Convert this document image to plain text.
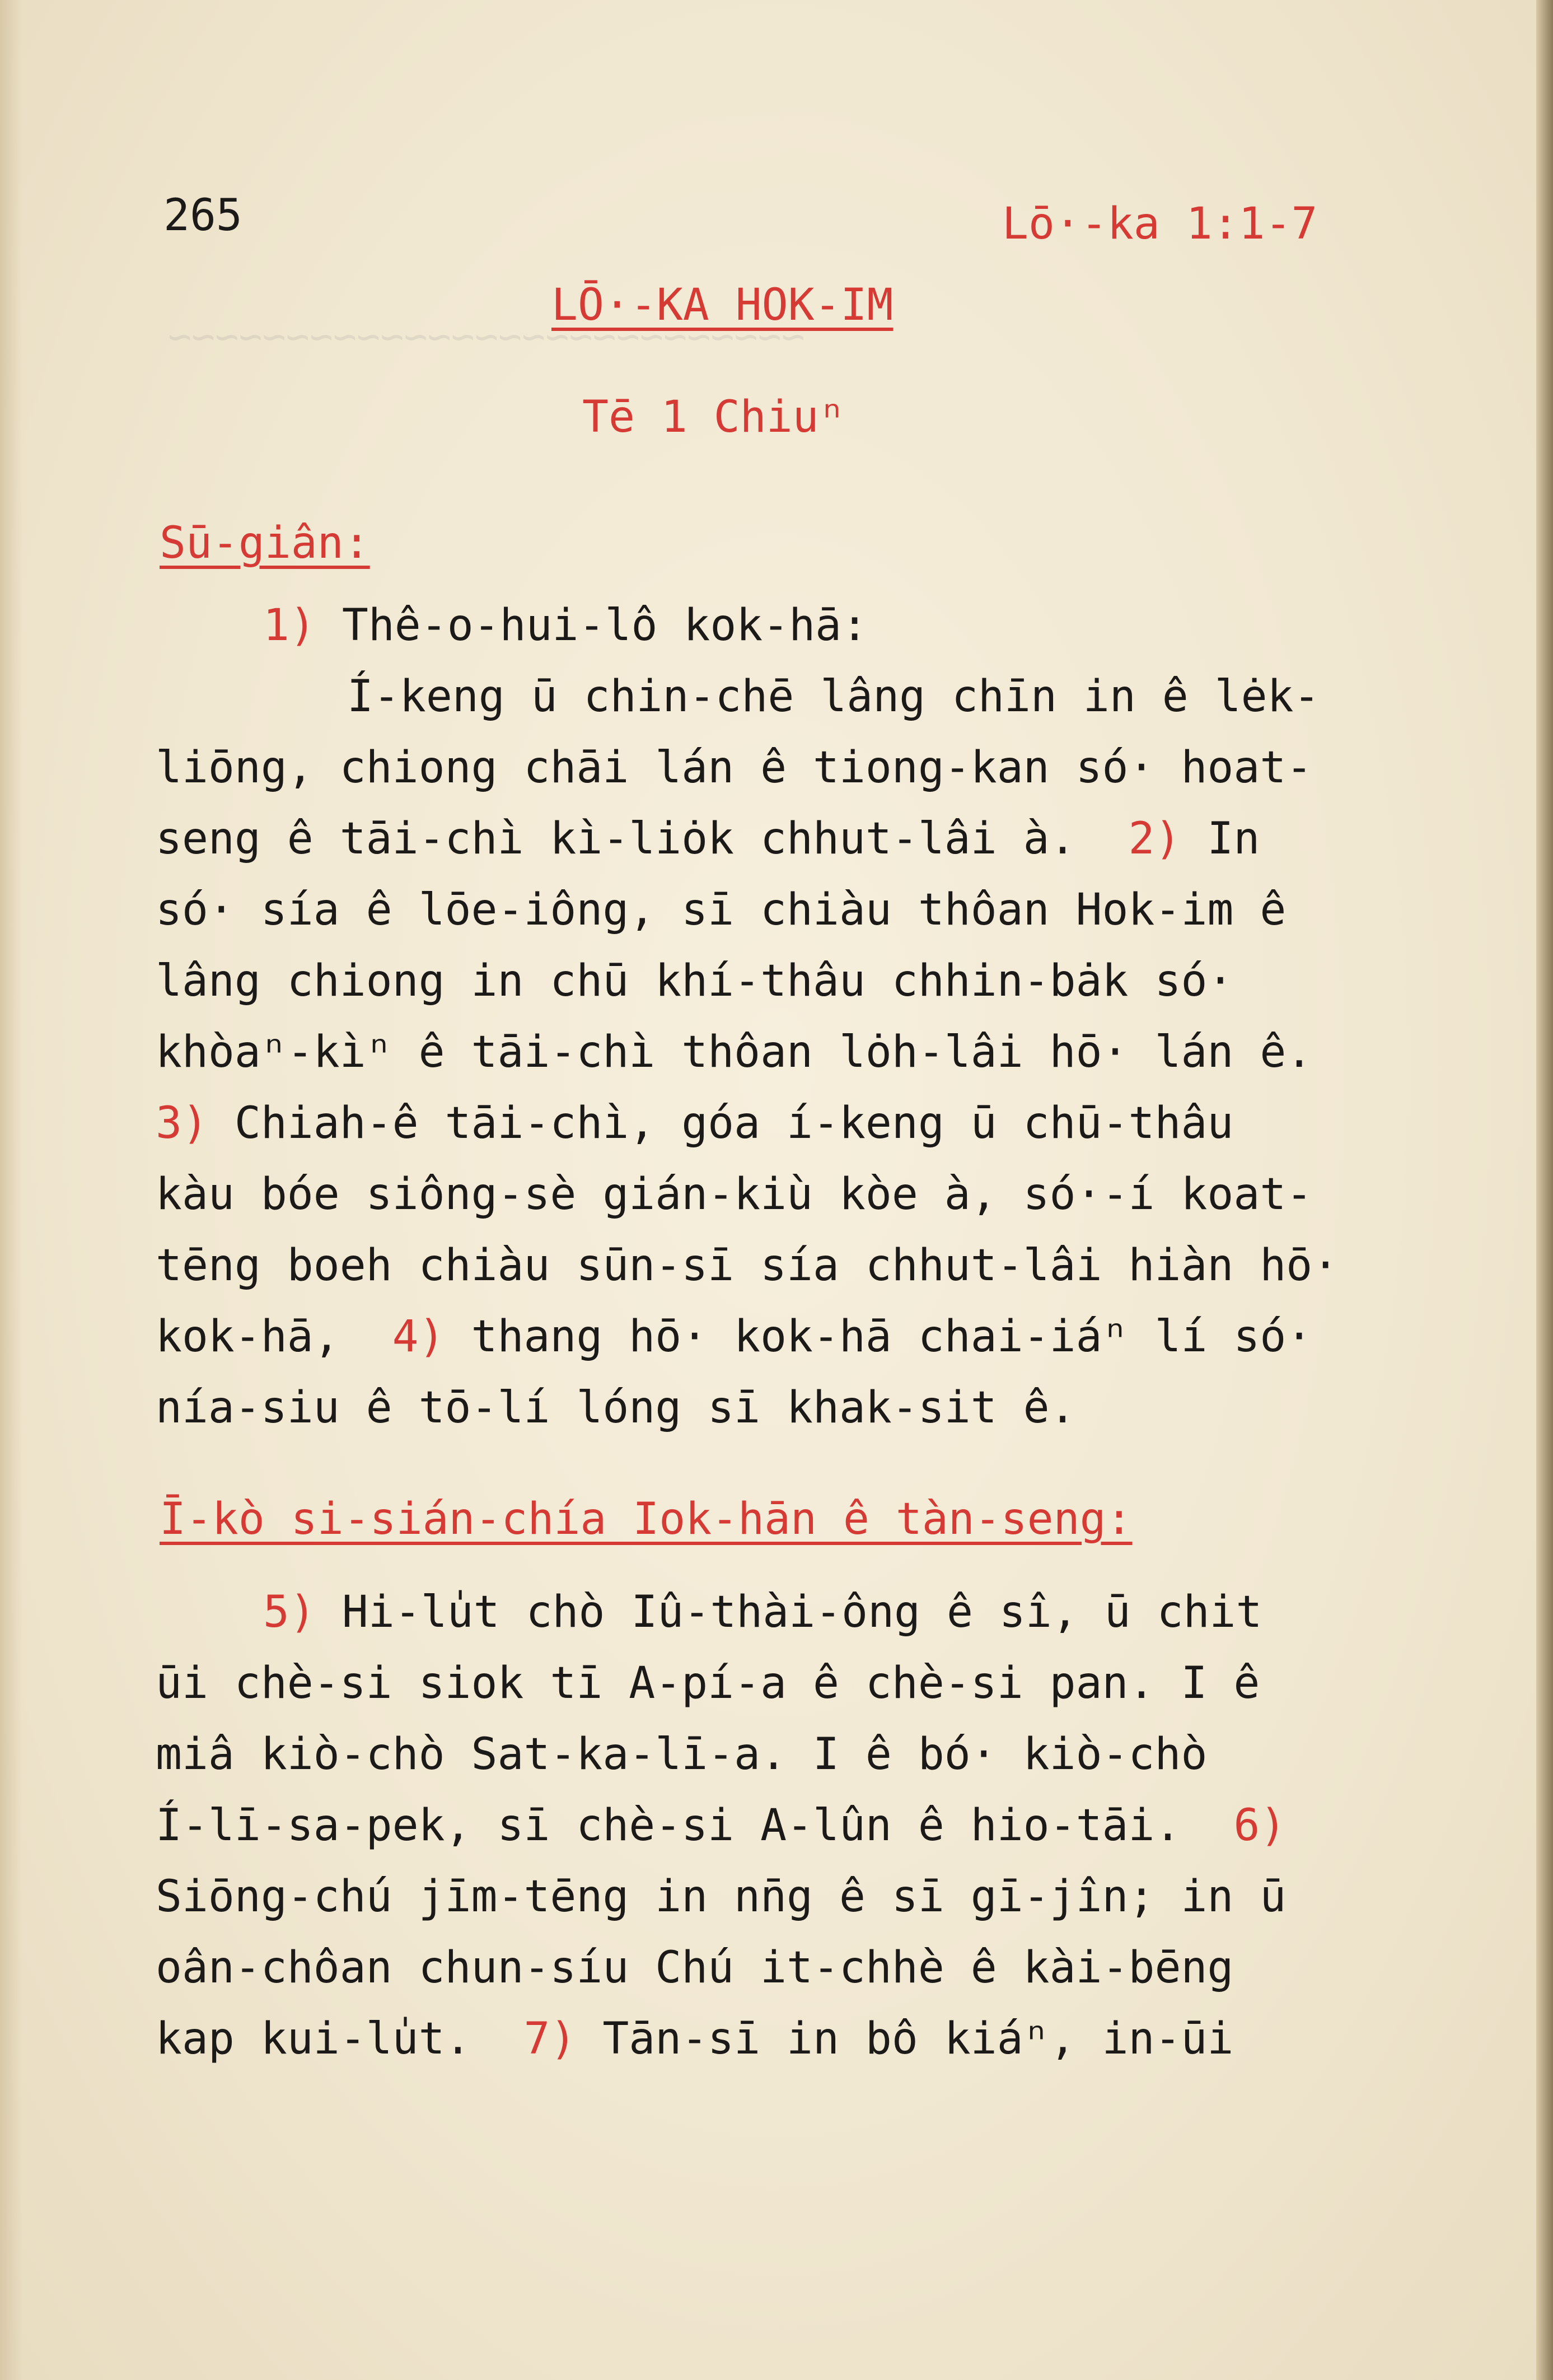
~~~~~~~~~~~~~~~~~~~~~~~~~~~
265	Lō·-ka 1:1-7
LŌ·-KA HOK-IM
Tē 1 Chiuⁿ
Sū-giân:
1) Thê-o-hui-lô kok-hā:
Í-keng ū chin-chē lâng chīn in ê lėk-
liōng, chiong chāi lán ê tiong-kan só· hoat-
seng ê tāi-chì kì-liȯk chhut-lâi à.  2) In
só· sía ê lōe-iông, sī chiàu thôan Hok-im ê
lâng chiong in chū khí-thâu chhin-bȧk só·
khòaⁿ-kìⁿ ê tāi-chì thôan lȯh-lâi hō· lán ê.
3) Chiah-ê tāi-chì, góa í-keng ū chū-thâu
kàu bóe siông-sè gián-kiù kòe à, só·-í koat-
tēng boeh chiàu sūn-sī sía chhut-lâi hiàn hō·
kok-hā,  4) thang hō· kok-hā chai-iáⁿ lí só·
nía-siu ê tō-lí lóng sī khak-sit ê.
Ī-kò si-sián-chía Iok-hān ê tàn-seng:
5) Hi-lu̍t chò Iû-thài-ông ê sî, ū chit
ūi chè-si siok tī A-pí-a ê chè-si pan. I ê
miâ kiò-chò Sat-ka-lī-a. I ê bó· kiò-chò
Í-lī-sa-pek, sī chè-si A-lûn ê hio-tāi.  6)
Siōng-chú jīm-tēng in nn̄g ê sī gī-jîn; in ū
oân-chôan chun-síu Chú it-chhè ê kài-bēng
kap kui-lu̍t.  7) Tān-sī in bô kiáⁿ, in-ūi
